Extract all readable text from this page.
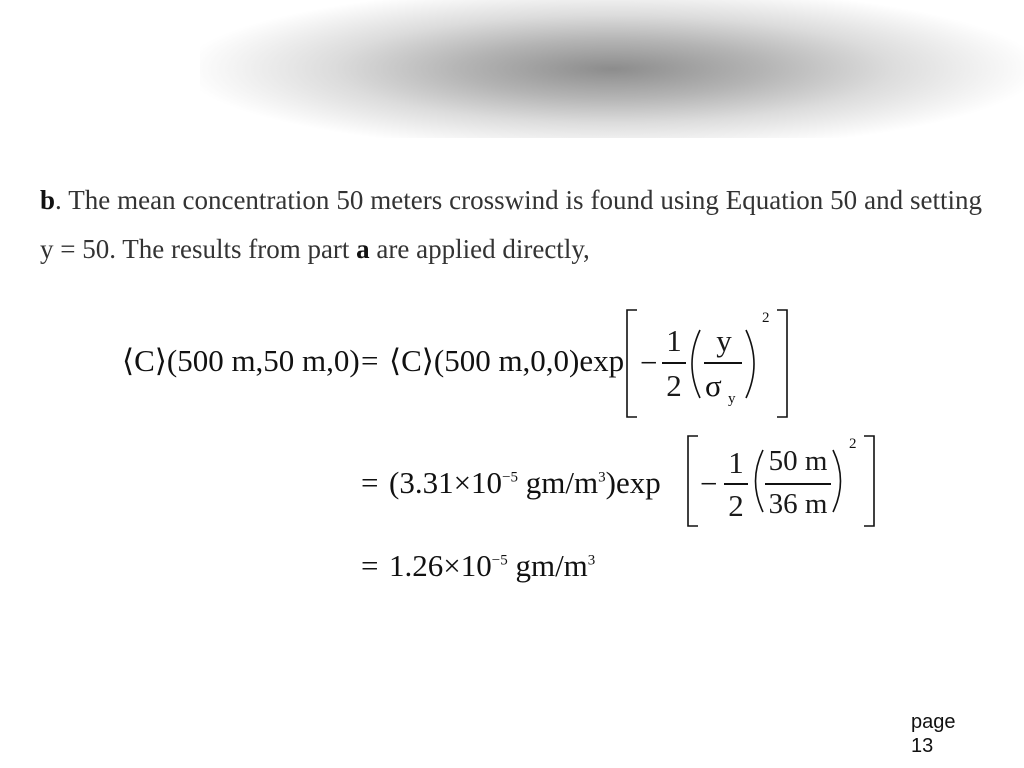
b. The mean concentration 50 meters crosswind is found using Equation 50 and setting y = 50. The results from part a are applied directly,
⟨C⟩(500 m,50 m,0) = ⟨C⟩(500 m,0,0)exp −
1
2
y
σ y
2
= ($3.31\times 10^{-5}$ $gm/m^3)\exp$ −
1
2
50 m
36 m
2
= $1.26\times 10^{-5}$ $gm/m^3$
page
13
